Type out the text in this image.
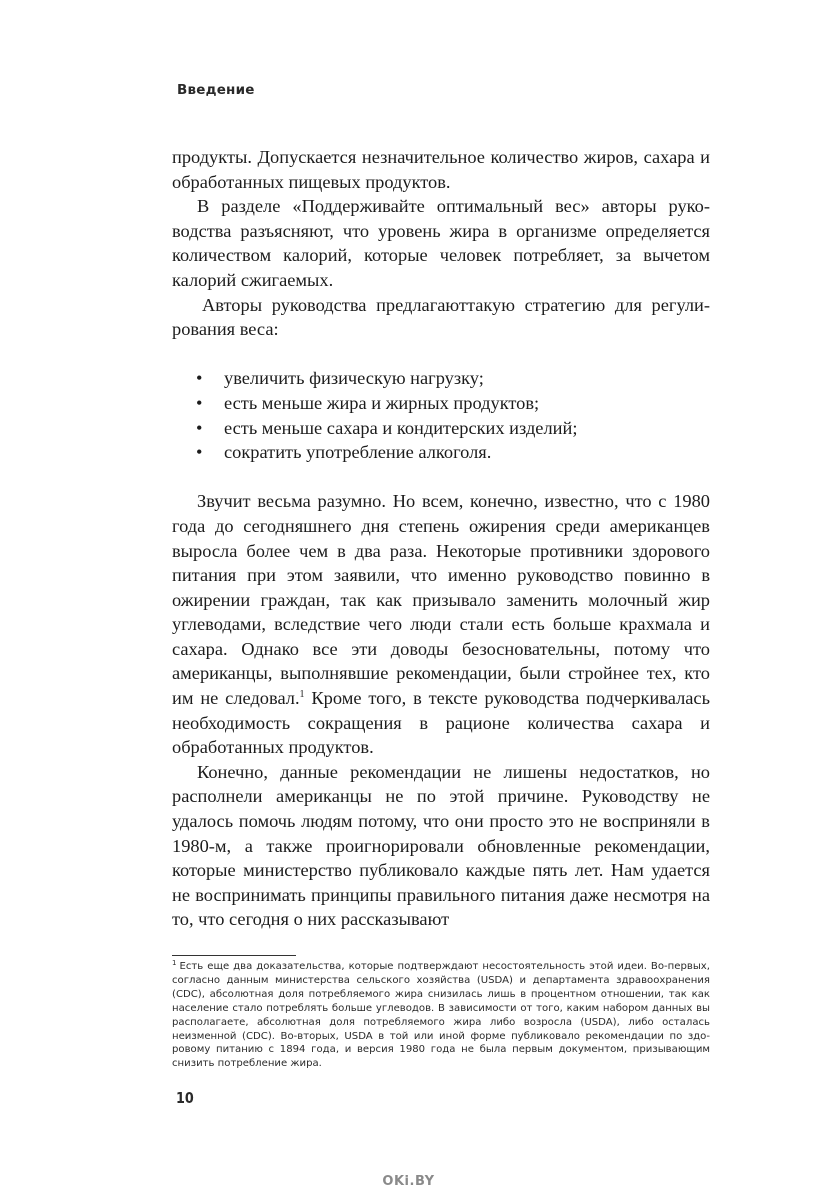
Введение

продукты. Допускается незначительное количество жиров, сахара и обработанных пищевых продуктов.

В разделе «Поддерживайте оптимальный вес» авторы руководства разъясняют, что уровень жира в организме определяется количеством калорий, которые человек потребляет, за вычетом калорий сжигаемых.

Авторы руководства предлагаюттакую стратегию для регулирования веса:

• увеличить физическую нагрузку;
• есть меньше жира и жирных продуктов;
• есть меньше сахара и кондитерских изделий;
• сократить употребление алкоголя.

Звучит весьма разумно. Но всем, конечно, известно, что с 1980 года до сегодняшнего дня степень ожирения среди американцев выросла более чем в два раза. Некоторые противники здорового питания при этом заявили, что именно руководство повинно в ожирении граждан, так как призывало заменить молочный жир углеводами, вследствие чего люди стали есть больше крахмала и сахара. Однако все эти доводы безосновательны, потому что американцы, выполнявшие рекомендации, были стройнее тех, кто им не следовал.$^1$ Кроме того, в тексте руководства подчеркивалась необходимость сокращения в рационе количества сахара и обработанных продуктов.

Конечно, данные рекомендации не лишены недостатков, но располнели американцы не по этой причине. Руководству не удалось помочь людям потому, что они просто это не восприняли в 1980-м, а также проигнорировали обновленные рекомендации, которые министерство публиковало каждые пять лет. Нам удается не воспринимать принципы правильного питания даже несмотря на то, что сегодня о них рассказывают

$^1$ Есть еще два доказательства, которые подтверждают несостоятельность этой идеи. Во-первых, согласно данным министерства сельского хозяйства (USDA) и департамента здравоохранения (CDC), абсолютная доля потребляемого жира снизилась лишь в процентном отношении, так как население стало потреблять больше углеводов. В зависимости от того, каким набором данных вы располагаете, абсолютная доля потребляемого жира либо возросла (USDA), либо осталась неизменной (CDC). Во-вторых, USDA в той или иной форме публиковало рекомендации по здоровому питанию с 1894 года, и версия 1980 года не была первым документом, призывающим снизить потребление жира.
10
OKi.BY
